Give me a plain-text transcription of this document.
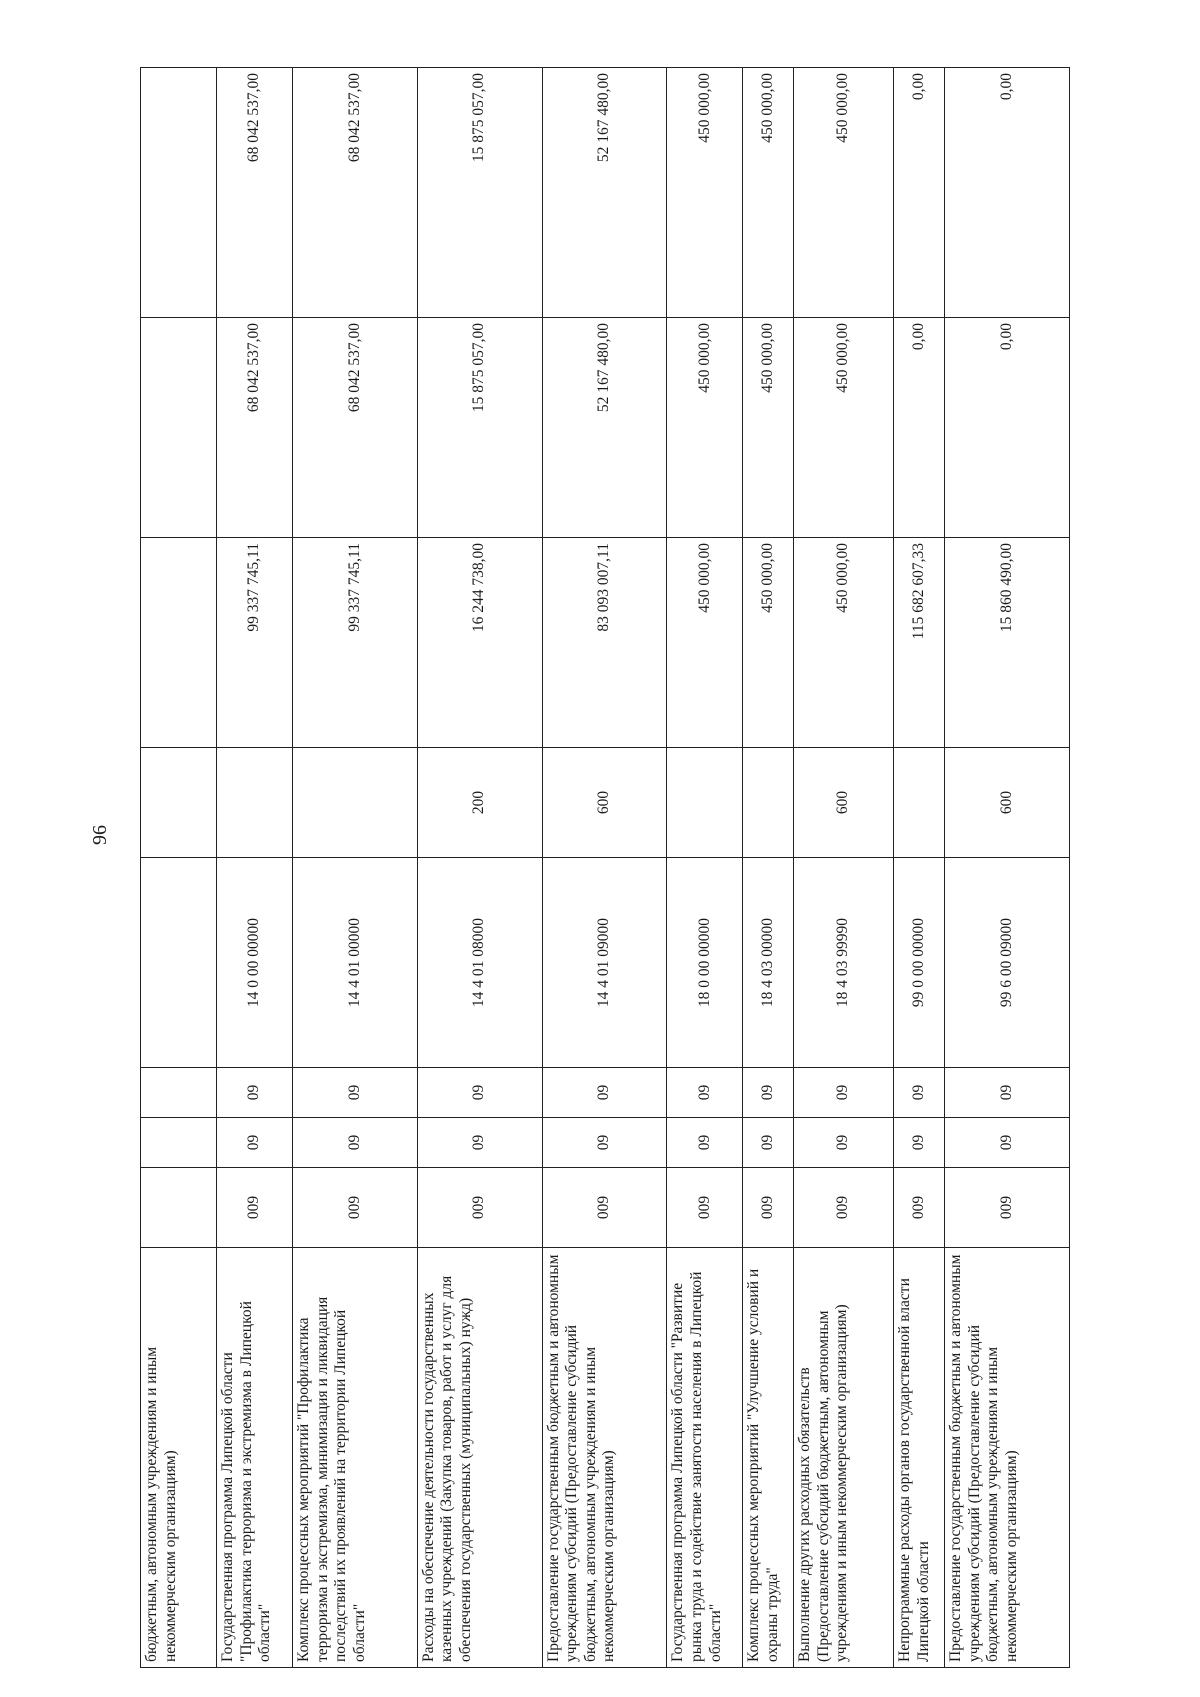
96
бюджетным, автономным учреждениям и иным некоммерческим организациям)								
Государственная программа Липецкой области "Профилактика терроризма и экстремизма в Липецкой области"	009	09	09	14 0 00 00000		99 337 745,11	68 042 537,00	68 042 537,00
Комплекс процессных мероприятий "Профилактика терроризма и экстремизма, минимизация и ликвидация последствий их проявлений на территории Липецкой области"	009	09	09	14 4 01 00000		99 337 745,11	68 042 537,00	68 042 537,00
Расходы на обеспечение деятельности государственных казенных учреждений (Закупка товаров, работ и услуг для обеспечения государственных (муниципальных) нужд)	009	09	09	14 4 01 08000	200	16 244 738,00	15 875 057,00	15 875 057,00
Предоставление государственным бюджетным и автономным учреждениям субсидий (Предоставление субсидий бюджетным, автономным учреждениям и иным некоммерческим организациям)	009	09	09	14 4 01 09000	600	83 093 007,11	52 167 480,00	52 167 480,00
Государственная программа Липецкой области "Развитие рынка труда и содействие занятости населения в Липецкой области"	009	09	09	18 0 00 00000		450 000,00	450 000,00	450 000,00
Комплекс процессных мероприятий "Улучшение условий и охраны труда"	009	09	09	18 4 03 00000		450 000,00	450 000,00	450 000,00
Выполнение других расходных обязательств (Предоставление субсидий бюджетным, автономным учреждениям и иным некоммерческим организациям)	009	09	09	18 4 03 99990	600	450 000,00	450 000,00	450 000,00
Непрограммные расходы органов государственной власти Липецкой области	009	09	09	99 0 00 00000		115 682 607,33	0,00	0,00
Предоставление государственным бюджетным и автономным учреждениям субсидий (Предоставление субсидий бюджетным, автономным учреждениям и иным некоммерческим организациям)	009	09	09	99 6 00 09000	600	15 860 490,00	0,00	0,00
